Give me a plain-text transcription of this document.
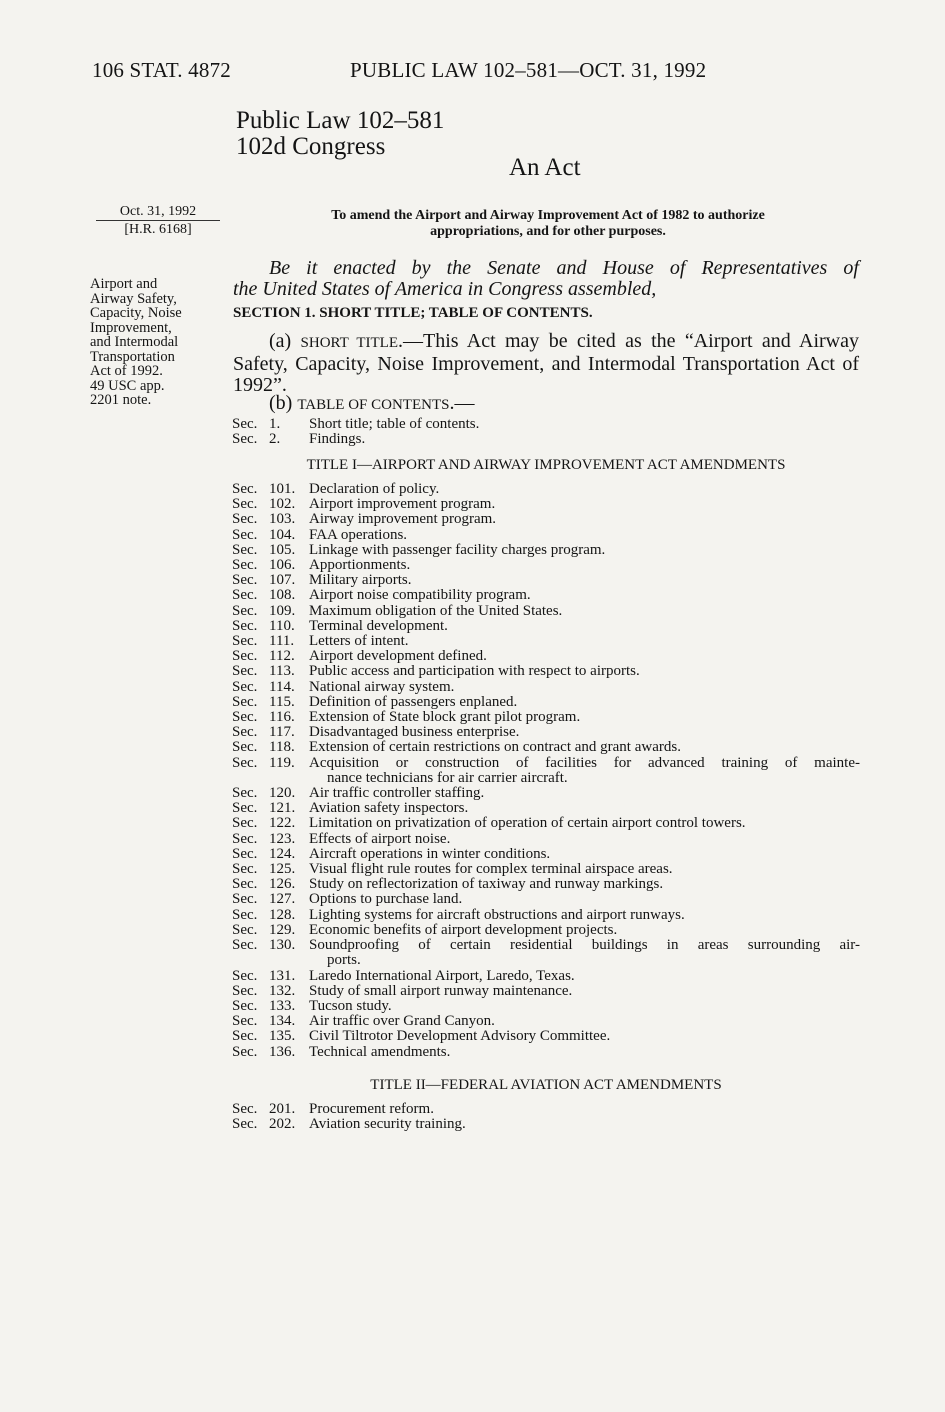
106 STAT. 4872	PUBLIC LAW 102–581—OCT. 31, 1992
Public Law 102–581
102d Congress
An Act
Oct. 31, 1992
[H.R. 6168]
To amend the Airport and Airway Improvement Act of 1982 to authorize
appropriations, and for other purposes.
Airport and
Airway Safety,
Capacity, Noise
Improvement,
and Intermodal
Transportation
Act of 1992.
49 USC app.
2201 note.
Be it enacted by the Senate and House of Representatives of
the United States of America in Congress assembled,
SECTION 1. SHORT TITLE; TABLE OF CONTENTS.
(a) SHORT TITLE.—This Act may be cited as the “Airport and Airway Safety, Capacity, Noise Improvement, and Intermodal Transportation Act of 1992”.
(b) TABLE OF CONTENTS.—
Sec. 1.	Short title; table of contents.
Sec. 2.	Findings.
TITLE I—AIRPORT AND AIRWAY IMPROVEMENT ACT AMENDMENTS
Sec. 101. Declaration of policy.
Sec. 102. Airport improvement program.
Sec. 103. Airway improvement program.
Sec. 104. FAA operations.
Sec. 105. Linkage with passenger facility charges program.
Sec. 106. Apportionments.
Sec. 107. Military airports.
Sec. 108. Airport noise compatibility program.
Sec. 109. Maximum obligation of the United States.
Sec. 110. Terminal development.
Sec. 111. Letters of intent.
Sec. 112. Airport development defined.
Sec. 113. Public access and participation with respect to airports.
Sec. 114. National airway system.
Sec. 115. Definition of passengers enplaned.
Sec. 116. Extension of State block grant pilot program.
Sec. 117. Disadvantaged business enterprise.
Sec. 118. Extension of certain restrictions on contract and grant awards.
Sec. 119. Acquisition or construction of facilities for advanced training of mainte-
nance technicians for air carrier aircraft.
Sec. 120. Air traffic controller staffing.
Sec. 121. Aviation safety inspectors.
Sec. 122. Limitation on privatization of operation of certain airport control towers.
Sec. 123. Effects of airport noise.
Sec. 124. Aircraft operations in winter conditions.
Sec. 125. Visual flight rule routes for complex terminal airspace areas.
Sec. 126. Study on reflectorization of taxiway and runway markings.
Sec. 127. Options to purchase land.
Sec. 128. Lighting systems for aircraft obstructions and airport runways.
Sec. 129. Economic benefits of airport development projects.
Sec. 130. Soundproofing of certain residential buildings in areas surrounding air-
ports.
Sec. 131. Laredo International Airport, Laredo, Texas.
Sec. 132. Study of small airport runway maintenance.
Sec. 133. Tucson study.
Sec. 134. Air traffic over Grand Canyon.
Sec. 135. Civil Tiltrotor Development Advisory Committee.
Sec. 136. Technical amendments.
TITLE II—FEDERAL AVIATION ACT AMENDMENTS
Sec. 201. Procurement reform.
Sec. 202. Aviation security training.
